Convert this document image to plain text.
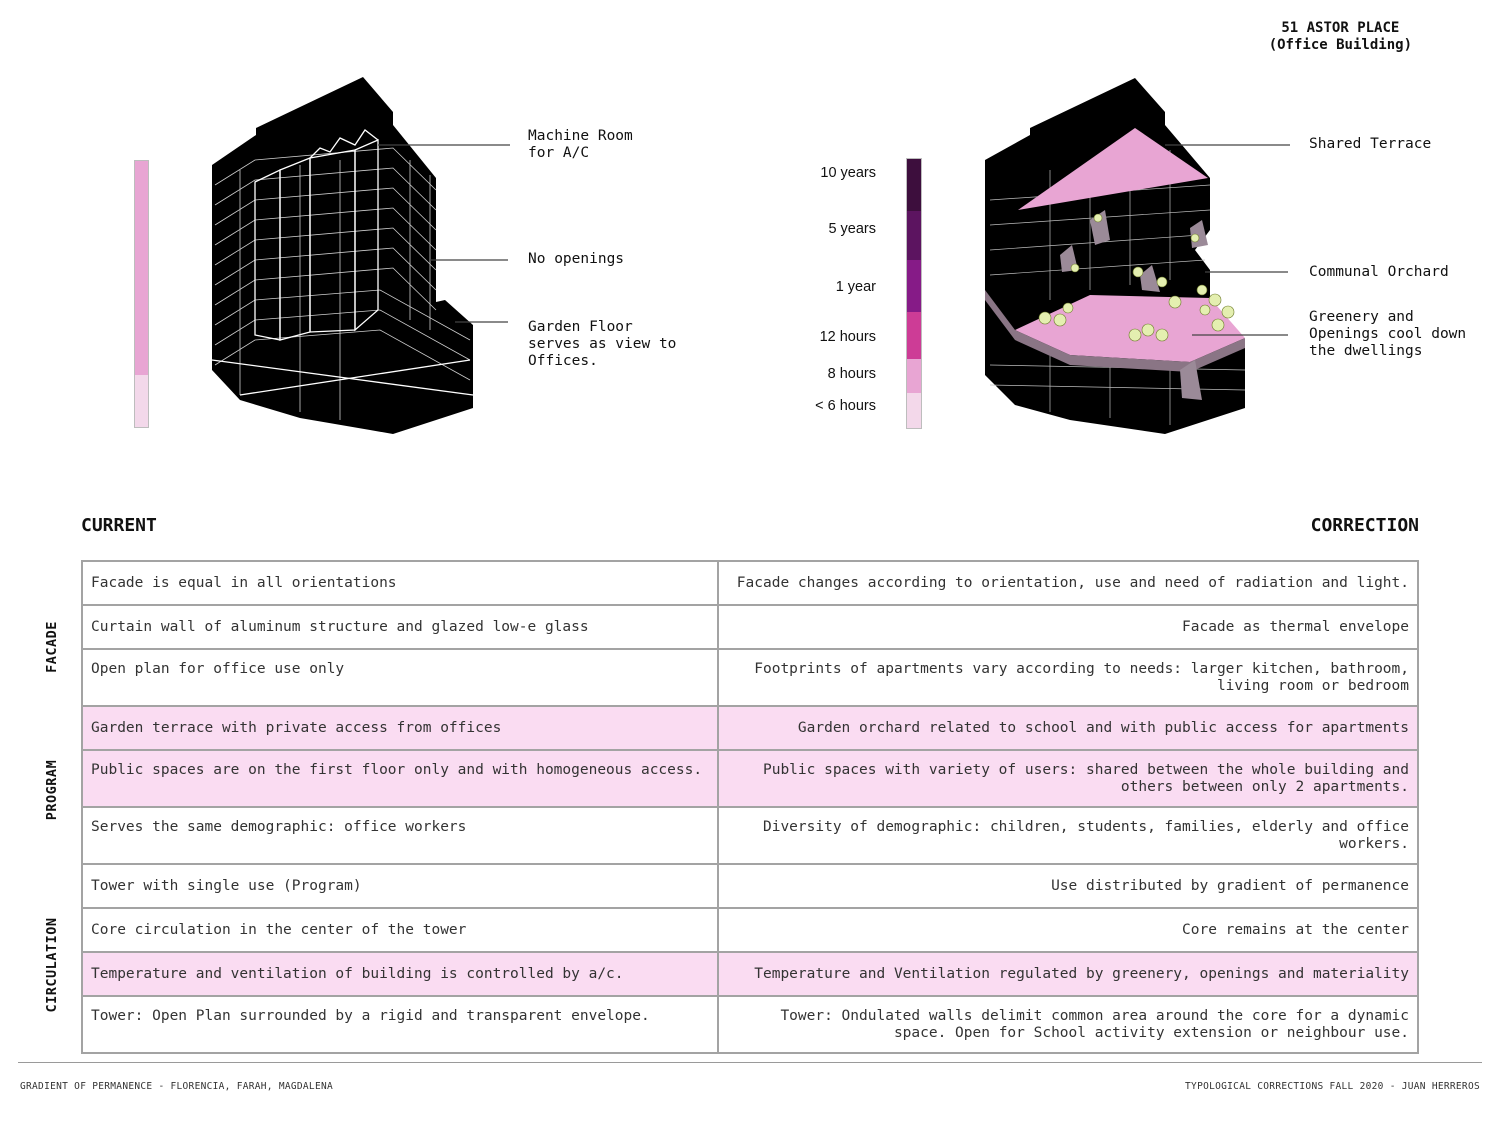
51 ASTOR PLACE
(Office Building)
Machine Room
for A/C
No openings
Garden Floor
serves as view to
Offices.
10 years
5 years
1 year
12 hours
8 hours
< 6 hours
Shared Terrace
Communal Orchard
Greenery and
Openings cool down
the dwellings
CURRENT	CORRECTION
Facade is equal in all orientations	Facade changes according to orientation, use and need of radiation and light.
Curtain wall of aluminum structure and glazed low-e glass	Facade as thermal envelope
Open plan for office use only	Footprints of apartments vary according to needs: larger kitchen, bathroom, living room or bedroom
Garden terrace with private access from offices	Garden orchard related to school and with public access for apartments
Public spaces are on the first floor only and with homogeneous access.	Public spaces with variety of users: shared between the whole building and others between only 2 apartments.
Serves the same demographic: office workers	Diversity of demographic: children, students, families, elderly and office workers.
Tower with single use (Program)	Use distributed by gradient of permanence
Core circulation in the center of the tower	Core remains at the center
Temperature and ventilation of building is controlled by a/c.	Temperature and Ventilation regulated by greenery, openings and materiality
Tower: Open Plan surrounded by a rigid and transparent envelope.	Tower: Ondulated walls delimit common area around the core for a dynamic space. Open for School activity extension or neighbour use.
FACADE
PROGRAM
CIRCULATION
GRADIENT OF PERMANENCE - FLORENCIA, FARAH, MAGDALENA	TYPOLOGICAL CORRECTIONS FALL 2020 - JUAN HERREROS
